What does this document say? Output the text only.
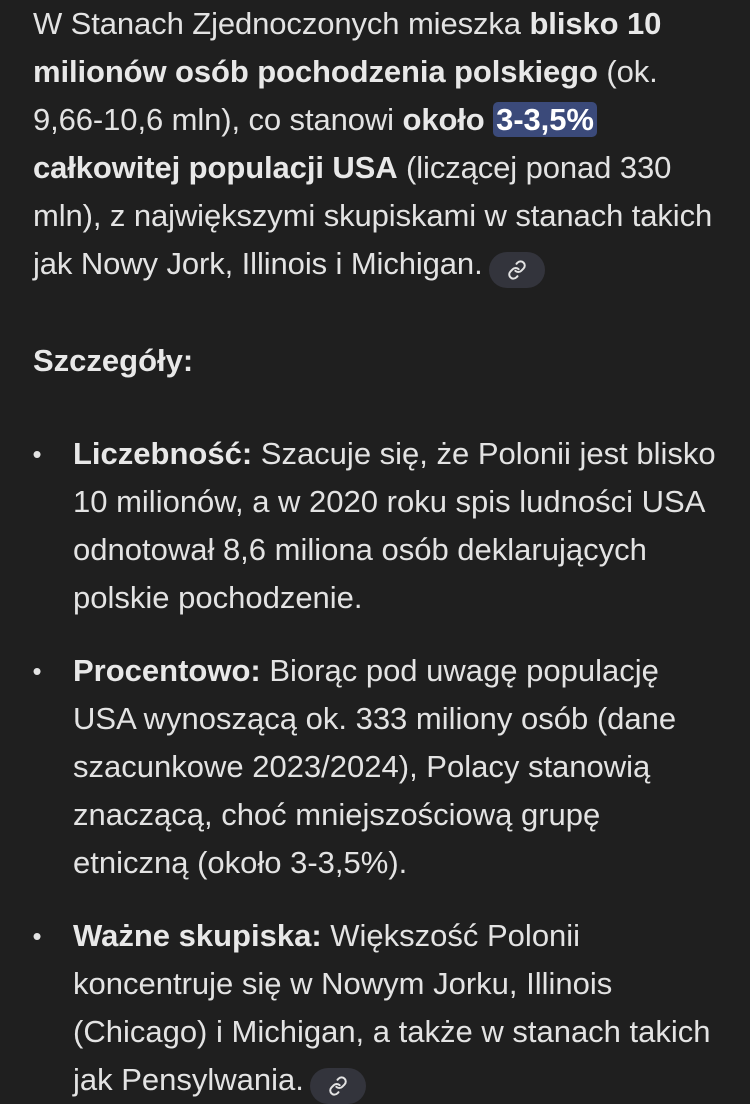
W Stanach Zjednoczonych mieszka blisko 10 milionów osób pochodzenia polskiego (ok. 9,66-10,6 mln), co stanowi około 3-3,5% całkowitej populacji USA (liczącej ponad 330 mln), z największymi skupiskami w stanach takich jak Nowy Jork, Illinois i Michigan.

Szczegóły:
• Liczebność: Szacuje się, że Polonii jest blisko 10 milionów, a w 2020 roku spis ludności USA odnotował 8,6 miliona osób deklarujących polskie pochodzenie.
• Procentowo: Biorąc pod uwagę populację USA wynoszącą ok. 333 miliony osób (dane szacunkowe 2023/2024), Polacy stanowią znaczącą, choć mniejszościową grupę etniczną (około 3-3,5%).
• Ważne skupiska: Większość Polonii koncentruje się w Nowym Jorku, Illinois (Chicago) i Michigan, a także w stanach takich jak Pensylwania.
